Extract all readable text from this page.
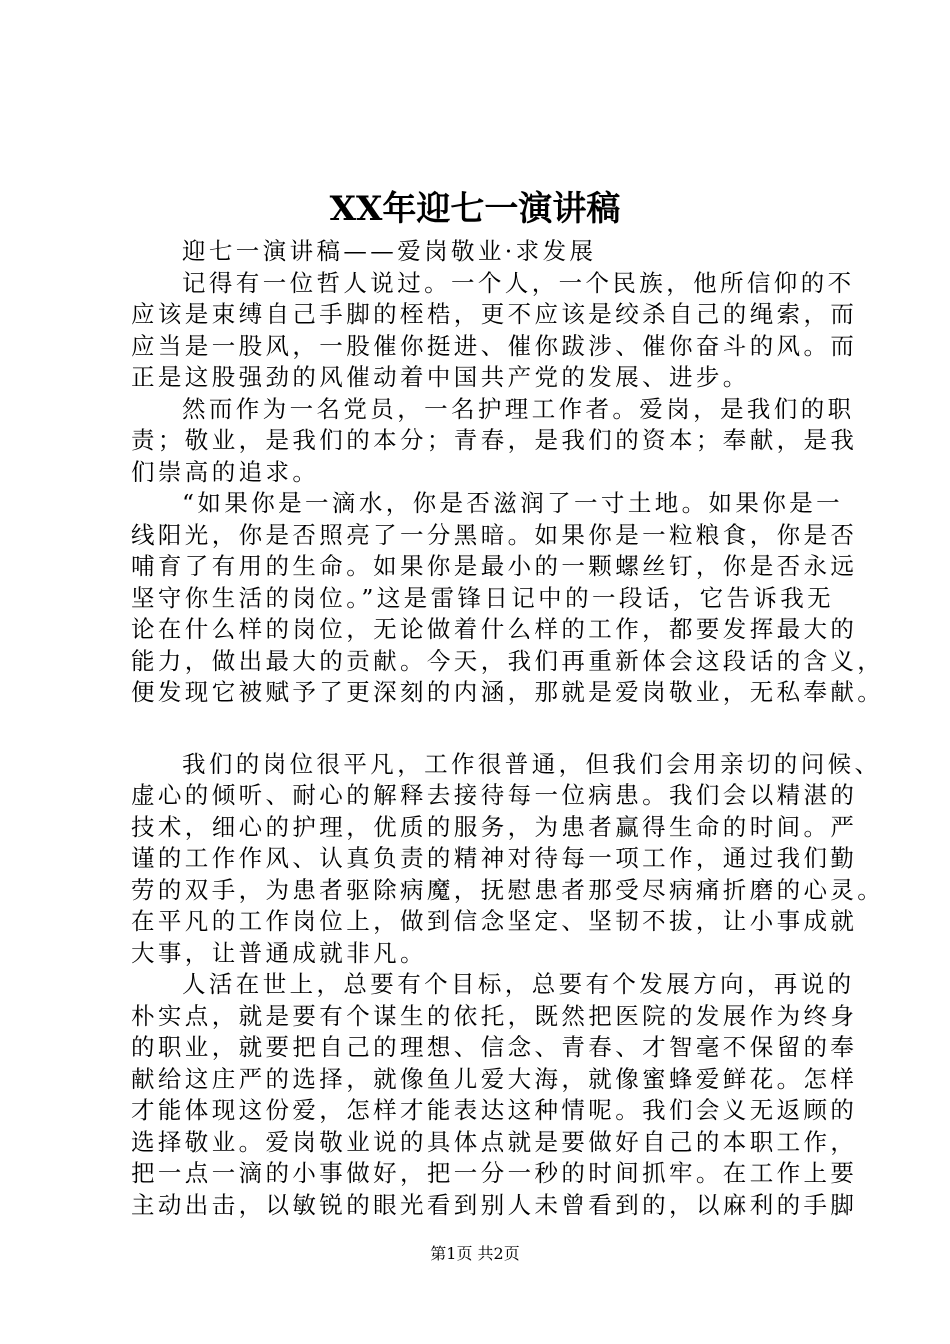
XX年迎七一演讲稿
迎七一演讲稿——爱岗敬业·求发展
记得有一位哲人说过。一个人，一个民族，他所信仰的不
应该是束缚自己手脚的桎梏，更不应该是绞杀自己的绳索，而
应当是一股风，一股催你挺进、催你跋涉、催你奋斗的风。而
正是这股强劲的风催动着中国共产党的发展、进步。
然而作为一名党员，一名护理工作者。爱岗，是我们的职
责；敬业，是我们的本分；青春，是我们的资本；奉献，是我
们崇高的追求。
“如果你是一滴水，你是否滋润了一寸土地。如果你是一
线阳光，你是否照亮了一分黑暗。如果你是一粒粮食，你是否
哺育了有用的生命。如果你是最小的一颗螺丝钉，你是否永远
坚守你生活的岗位。”这是雷锋日记中的一段话，它告诉我无
论在什么样的岗位，无论做着什么样的工作，都要发挥最大的
能力，做出最大的贡献。今天，我们再重新体会这段话的含义，
便发现它被赋予了更深刻的内涵，那就是爱岗敬业，无私奉献。
我们的岗位很平凡，工作很普通，但我们会用亲切的问候、
虚心的倾听、耐心的解释去接待每一位病患。我们会以精湛的
技术，细心的护理，优质的服务，为患者赢得生命的时间。严
谨的工作作风、认真负责的精神对待每一项工作，通过我们勤
劳的双手，为患者驱除病魔，抚慰患者那受尽病痛折磨的心灵。
在平凡的工作岗位上，做到信念坚定、坚韧不拔，让小事成就
大事，让普通成就非凡。
人活在世上，总要有个目标，总要有个发展方向，再说的
朴实点，就是要有个谋生的依托，既然把医院的发展作为终身
的职业，就要把自己的理想、信念、青春、才智毫不保留的奉
献给这庄严的选择，就像鱼儿爱大海，就像蜜蜂爱鲜花。怎样
才能体现这份爱，怎样才能表达这种情呢。我们会义无返顾的
选择敬业。爱岗敬业说的具体点就是要做好自己的本职工作，
把一点一滴的小事做好，把一分一秒的时间抓牢。在工作上要
主动出击，以敏锐的眼光看到别人未曾看到的，以麻利的手脚
第1页 共2页
